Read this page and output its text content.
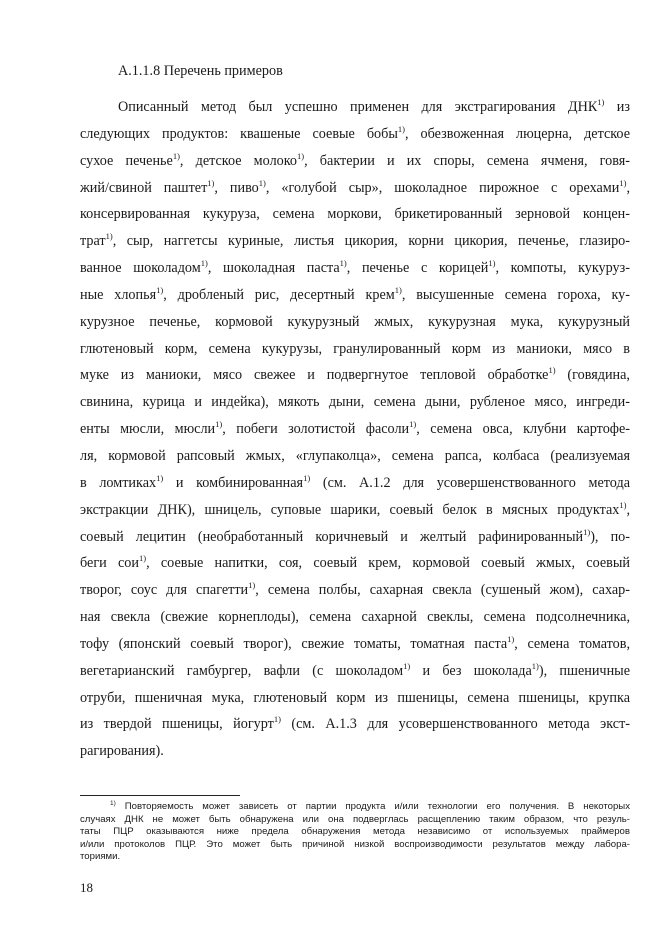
А.1.1.8 Перечень примеров
Описанный метод был успешно применен для экстрагирования ДНК$^{1)}$ из
следующих продуктов: квашеные соевые бобы$^{1)}$, обезвоженная люцерна, детское
сухое печенье$^{1)}$, детское молоко$^{1)}$, бактерии и их споры, семена ячменя, говя-
жий/свиной паштет$^{1)}$, пиво$^{1)}$, «голубой сыр», шоколадное пирожное с орехами$^{1)}$,
консервированная кукуруза, семена моркови, брикетированный зерновой концен-
трат$^{1)}$, сыр, наггетсы куриные, листья цикория, корни цикория, печенье, глазиро-
ванное шоколадом$^{1)}$, шоколадная паста$^{1)}$, печенье с корицей$^{1)}$, компоты, кукуруз-
ные хлопья$^{1)}$, дробленый рис, десертный крем$^{1)}$, высушенные семена гороха, ку-
курузное печенье, кормовой кукурузный жмых, кукурузная мука, кукурузный
глютеновый корм, семена кукурузы, гранулированный корм из маниоки, мясо в
муке из маниоки, мясо свежее и подвергнутое тепловой обработке$^{1)}$ (говядина,
свинина, курица и индейка), мякоть дыни, семена дыни, рубленое мясо, ингреди-
енты мюсли, мюсли$^{1)}$, побеги золотистой фасоли$^{1)}$, семена овса, клубни картофе-
ля, кормовой рапсовый жмых, «глупаколца», семена рапса, колбаса (реализуемая
в ломтиках$^{1)}$ и комбинированная$^{1)}$ (см. А.1.2 для усовершенствованного метода
экстракции ДНК), шницель, суповые шарики, соевый белок в мясных продуктах$^{1)}$,
соевый лецитин (необработанный коричневый и желтый рафинированный$^{1)}$), по-
беги сои$^{1)}$, соевые напитки, соя, соевый крем, кормовой соевый жмых, соевый
творог, соус для спагетти$^{1)}$, семена полбы, сахарная свекла (сушеный жом), сахар-
ная свекла (свежие корнеплоды), семена сахарной свеклы, семена подсолнечника,
тофу (японский соевый творог), свежие томаты, томатная паста$^{1)}$, семена томатов,
вегетарианский гамбургер, вафли (с шоколадом$^{1)}$ и без шоколада$^{1)}$), пшеничные
отруби, пшеничная мука, глютеновый корм из пшеницы, семена пшеницы, крупка
из твердой пшеницы, йогурт$^{1)}$ (см. А.1.3 для усовершенствованного метода экст-
рагирования).
$^{1)}$ Повторяемость может зависеть от партии продукта и/или технологии его получения. В некоторых
случаях ДНК не может быть обнаружена или она подверглась расщеплению таким образом, что резуль-
таты ПЦР оказываются ниже предела обнаружения метода независимо от используемых праймеров
и/или протоколов ПЦР. Это может быть причиной низкой воспроизводимости результатов между лабора-
ториями.
18
